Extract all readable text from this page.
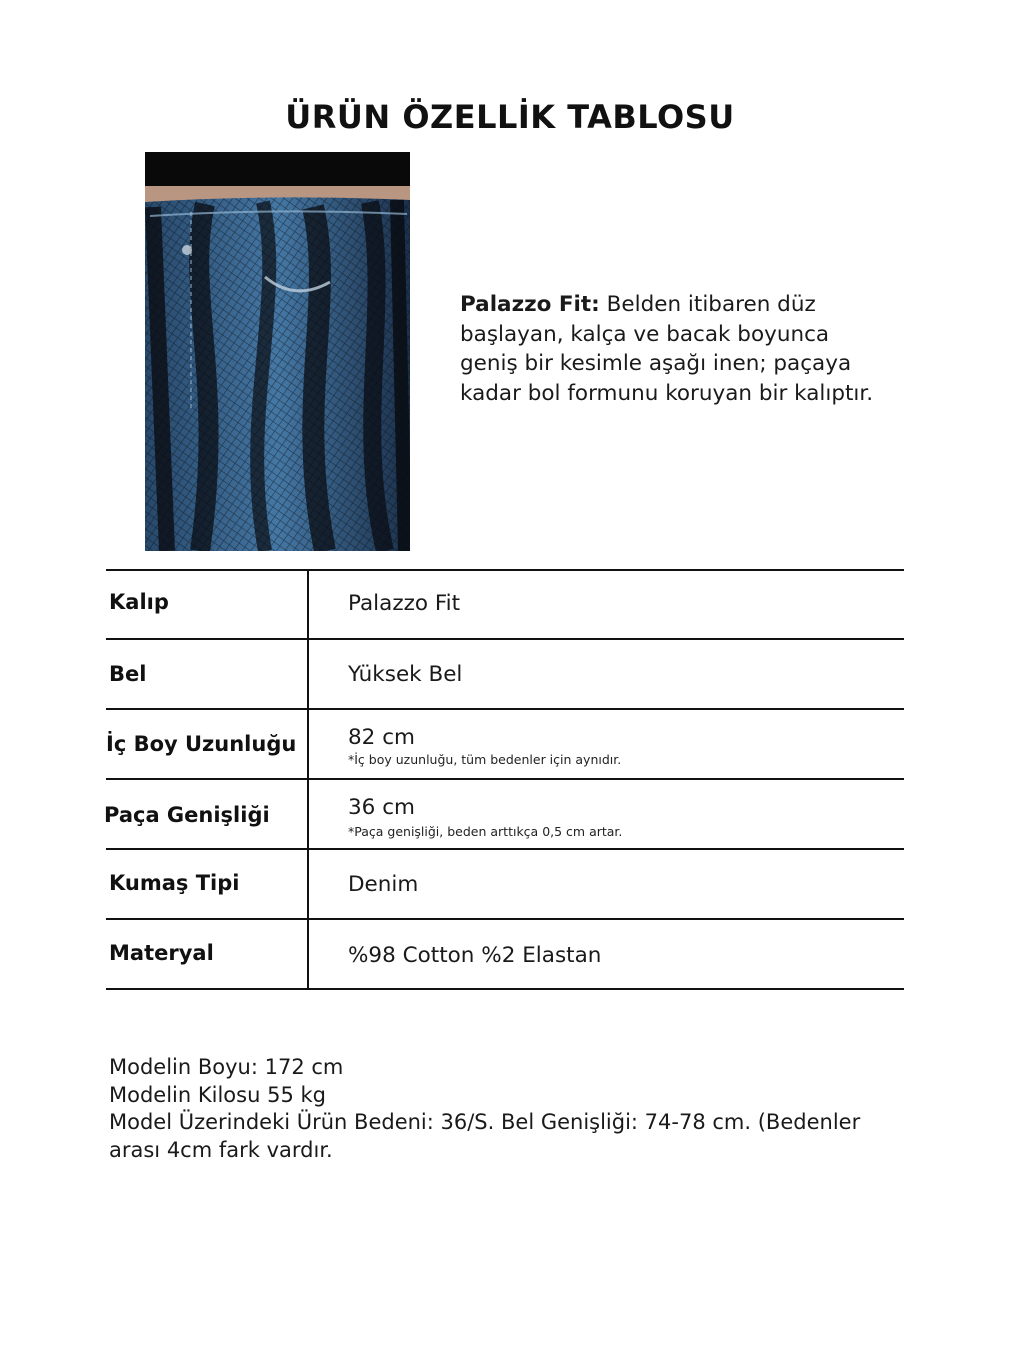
ÜRÜN ÖZELLİK TABLOSU
Palazzo Fit: Belden itibaren düz
başlayan, kalça ve bacak boyunca
geniş bir kesimle aşağı inen; paçaya
kadar bol formunu koruyan bir kalıptır.
Kalıp	Palazzo Fit
Bel	Yüksek Bel
İç Boy Uzunluğu 82 cm
*İç boy uzunluğu, tüm bedenler için aynıdır.
Paça Genişliği	36 cm
*Paça genişliği, beden arttıkça 0,5 cm artar.
Kumaş Tipi	Denim
Materyal	%98 Cotton %2 Elastan
Modelin Boyu: 172 cm
Modelin Kilosu 55 kg
Model Üzerindeki Ürün Bedeni: 36/S. Bel Genişliği: 74-78 cm. (Bedenler
arası 4cm fark vardır.
